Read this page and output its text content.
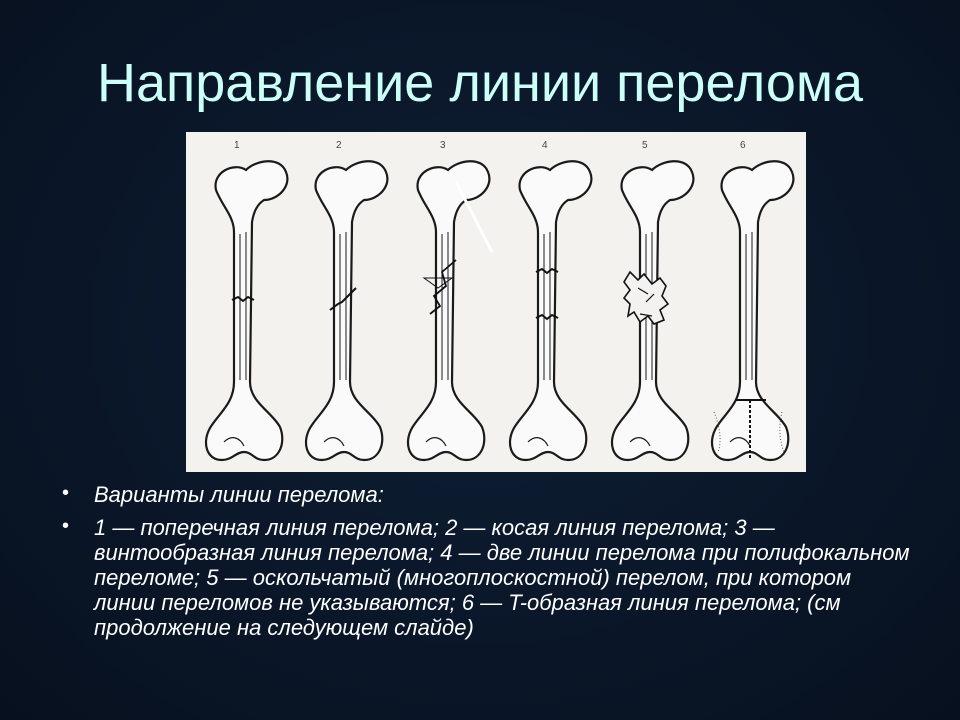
Направление линии перелома
1	2	3	4	5	6
• Варианты линии перелома:
• 1 — поперечная линия перелома; 2 — косая линия перелома; 3 — винтообразная линия перелома; 4 — две линии перелома при полифокальном переломе; 5 — оскольчатый (многоплоскостной) перелом, при котором линии переломов не указываются; 6 — T-образная линия перелома; (см продолжение на следующем слайде)
